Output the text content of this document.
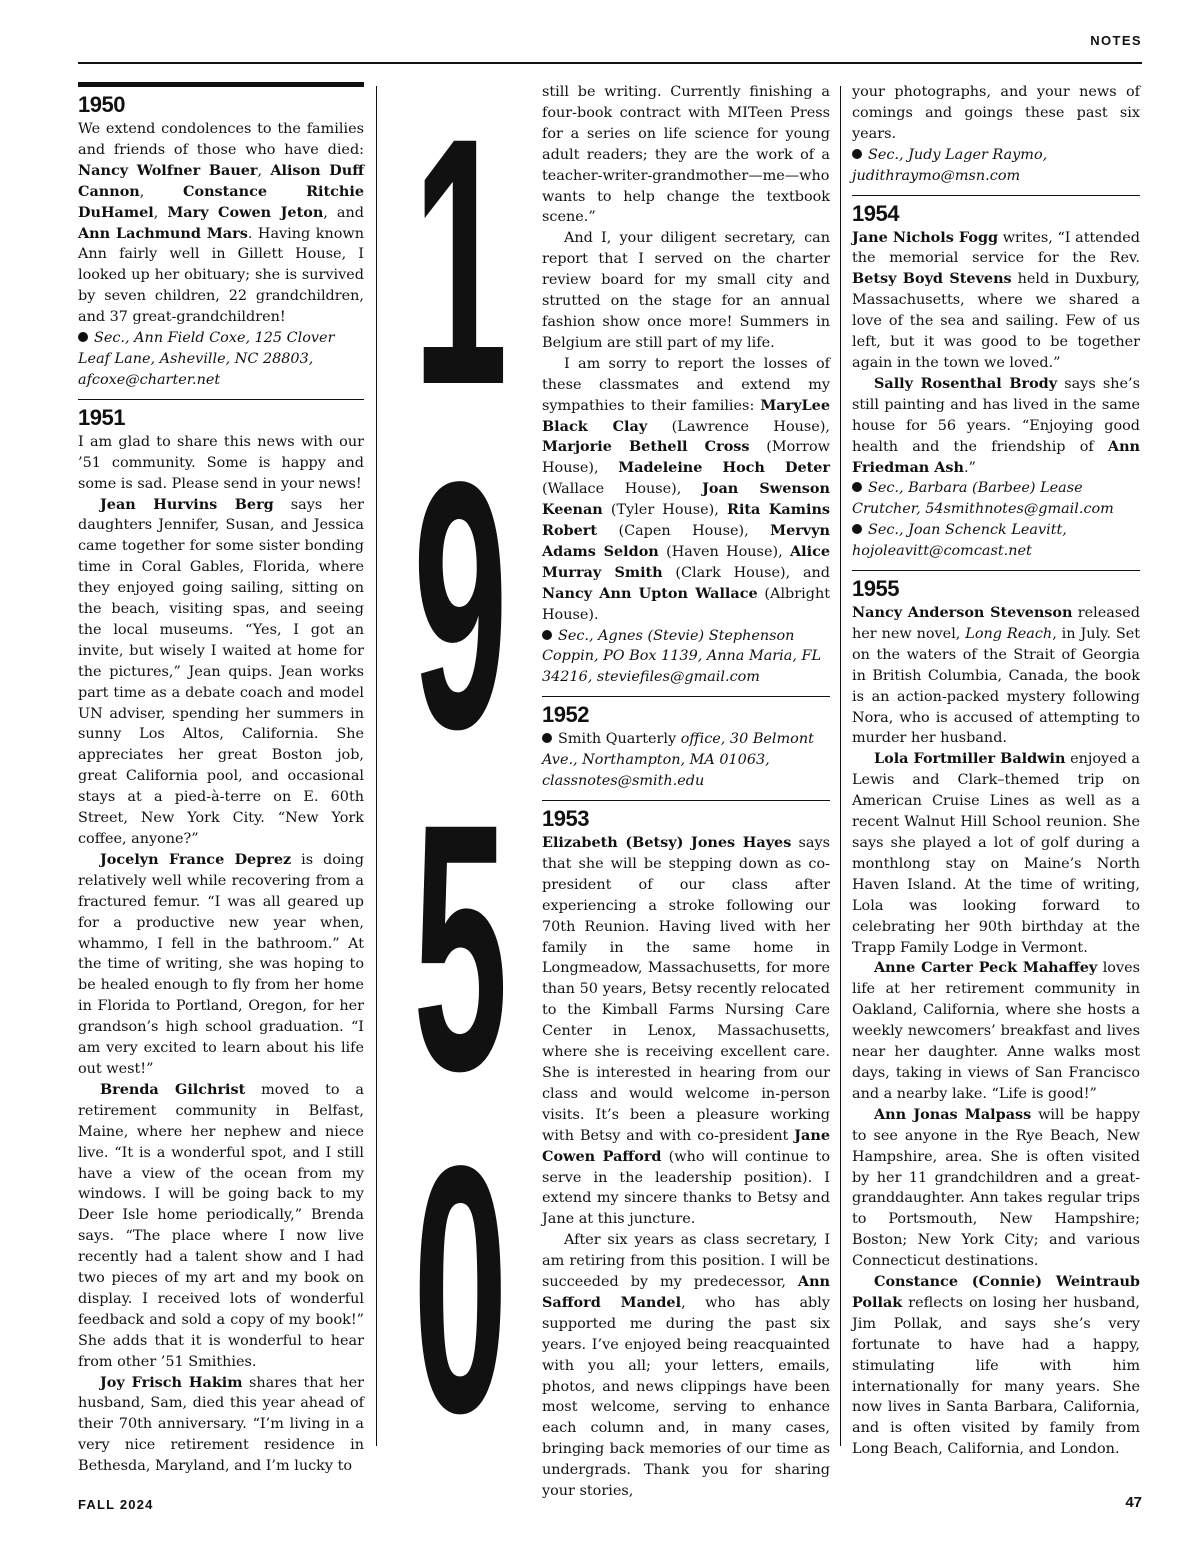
NOTES
1950

We extend condolences to the families and friends of those who have died: Nancy Wolfner Bauer, Alison Duff Cannon, Constance Ritchie DuHamel, Mary Cowen Jeton, and Ann Lachmund Mars. Having known Ann fairly well in Gillett House, I looked up her obituary; she is survived by seven children, 22 grandchildren, and 37 great-grandchildren!

Sec., Ann Field Coxe, 125 Clover Leaf Lane, Asheville, NC 28803, afcoxe@charter.net

1951

I am glad to share this news with our ’51 community. Some is happy and some is sad. Please send in your news!

Jean Hurvins Berg says her daughters Jennifer, Susan, and Jessica came together for some sister bonding time in Coral Gables, Florida, where they enjoyed going sailing, sitting on the beach, visiting spas, and seeing the local museums. “Yes, I got an invite, but wisely I waited at home for the pictures,” Jean quips. Jean works part time as a debate coach and model UN adviser, spending her summers in sunny Los Altos, California. She appreciates her great Boston job, great California pool, and occasional stays at a pied-à-terre on E. 60th Street, New York City. “New York coffee, anyone?”

Jocelyn France Deprez is doing relatively well while recovering from a fractured femur. “I was all geared up for a productive new year when, whammo, I fell in the bathroom.” At the time of writing, she was hoping to be healed enough to fly from her home in Florida to Portland, Oregon, for her grandson’s high school graduation. “I am very excited to learn about his life out west!”

Brenda Gilchrist moved to a retirement community in Belfast, Maine, where her nephew and niece live. “It is a wonderful spot, and I still have a view of the ocean from my windows. I will be going back to my Deer Isle home periodically,” Brenda says. “The place where I now live recently had a talent show and I had two pieces of my art and my book on display. I received lots of wonderful feedback and sold a copy of my book!” She adds that it is wonderful to hear from other ’51 Smithies.

Joy Frisch Hakim shares that her husband, Sam, died this year ahead of their 70th anniversary. “I’m living in a very nice retirement residence in Bethesda, Maryland, and I’m lucky to

1
9
5
0

still be writing. Currently finishing a four-book contract with MITeen Press for a series on life science for young adult readers; they are the work of a teacher-writer-grandmother—me—who wants to help change the textbook scene.”

And I, your diligent secretary, can report that I served on the charter review board for my small city and strutted on the stage for an annual fashion show once more! Summers in Belgium are still part of my life.

I am sorry to report the losses of these classmates and extend my sympathies to their families: MaryLee Black Clay (Lawrence House), Marjorie Bethell Cross (Morrow House), Madeleine Hoch Deter (Wallace House), Joan Swenson Keenan (Tyler House), Rita Kamins Robert (Capen House), Mervyn Adams Seldon (Haven House), Alice Murray Smith (Clark House), and Nancy Ann Upton Wallace (Albright House).

Sec., Agnes (Stevie) Stephenson Coppin, PO Box 1139, Anna Maria, FL 34216, steviefiles@gmail.com

1952

Smith Quarterly office, 30 Belmont Ave., Northampton, MA 01063, classnotes@smith.edu

1953

Elizabeth (Betsy) Jones Hayes says that she will be stepping down as co-president of our class after experiencing a stroke following our 70th Reunion. Having lived with her family in the same home in Longmeadow, Massachusetts, for more than 50 years, Betsy recently relocated to the Kimball Farms Nursing Care Center in Lenox, Massachusetts, where she is receiving excellent care. She is interested in hearing from our class and would welcome in-person visits. It’s been a pleasure working with Betsy and with co-president Jane Cowen Pafford (who will continue to serve in the leadership position). I extend my sincere thanks to Betsy and Jane at this juncture.

After six years as class secretary, I am retiring from this position. I will be succeeded by my predecessor, Ann Safford Mandel, who has ably supported me during the past six years. I’ve enjoyed being reacquainted with you all; your letters, emails, photos, and news clippings have been most welcome, serving to enhance each column and, in many cases, bringing back memories of our time as undergrads. Thank you for sharing your stories,

your photographs, and your news of comings and goings these past six years.

Sec., Judy Lager Raymo, judithraymo@msn.com

1954

Jane Nichols Fogg writes, “I attended the memorial service for the Rev. Betsy Boyd Stevens held in Duxbury, Massachusetts, where we shared a love of the sea and sailing. Few of us left, but it was good to be together again in the town we loved.”

Sally Rosenthal Brody says she’s still painting and has lived in the same house for 56 years. “Enjoying good health and the friendship of Ann Friedman Ash.”

Sec., Barbara (Barbee) Lease Crutcher, 54smithnotes@gmail.com

Sec., Joan Schenck Leavitt, hojoleavitt@comcast.net

1955

Nancy Anderson Stevenson released her new novel, Long Reach, in July. Set on the waters of the Strait of Georgia in British Columbia, Canada, the book is an action-packed mystery following Nora, who is accused of attempting to murder her husband.

Lola Fortmiller Baldwin enjoyed a Lewis and Clark–themed trip on American Cruise Lines as well as a recent Walnut Hill School reunion. She says she played a lot of golf during a monthlong stay on Maine’s North Haven Island. At the time of writing, Lola was looking forward to celebrating her 90th birthday at the Trapp Family Lodge in Vermont.

Anne Carter Peck Mahaffey loves life at her retirement community in Oakland, California, where she hosts a weekly newcomers’ breakfast and lives near her daughter. Anne walks most days, taking in views of San Francisco and a nearby lake. “Life is good!”

Ann Jonas Malpass will be happy to see anyone in the Rye Beach, New Hampshire, area. She is often visited by her 11 grandchildren and a great-granddaughter. Ann takes regular trips to Portsmouth, New Hampshire; Boston; New York City; and various Connecticut destinations.

Constance (Connie) Weintraub Pollak reflects on losing her husband, Jim Pollak, and says she’s very fortunate to have had a happy, stimulating life with him internationally for many years. She now lives in Santa Barbara, California, and is often visited by family from Long Beach, California, and London.

FALL 2024	47
